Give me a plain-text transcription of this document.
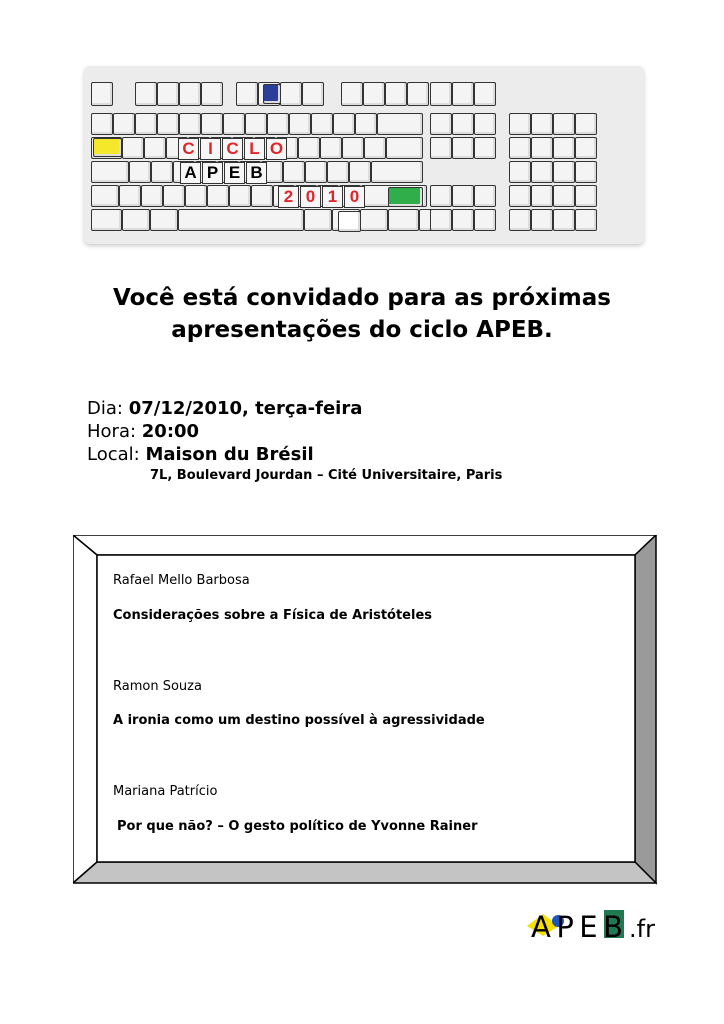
C I C L O
A P E B
2 0 1 0
Você está convidado para as próximas
apresentações do ciclo APEB.
Dia: 07/12/2010, terça-feira
Hora: 20:00
Local: Maison du Brésil
7L, Boulevard Jourdan – Cité Universitaire, Paris
Rafael Mello Barbosa
Considerações sobre a Física de Aristóteles
Ramon Souza
A ironia como um destino possível à agressividade
Mariana Patrício
Por que não? – O gesto político de Yvonne Rainer
APEB .fr
